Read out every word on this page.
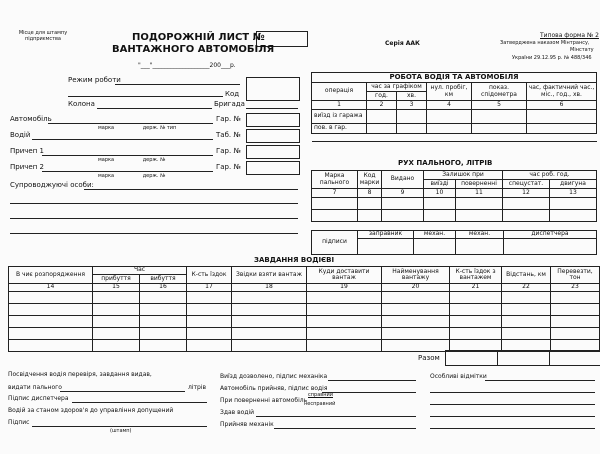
Місце для штампу підприємства	ПОДОРОЖНІЙ ЛИСТ №
ВАНТАЖНОГО АВТОМОБІЛЯ
Серія ААК
Типова форма № 2
Затверджена наказом Мінтрансу,
Мінстату
України 29.12.95 р. № 488/346
"___"___________________200___р.
Режим роботи
Код
Колона	Бригада
Автомобіль	Гар. №
марка                  держ. № тип
Водій	Таб. №
Причеп 1	Гар. №
марка                  держ. №
Причеп 2	Гар. №
марка                  держ. №
Супроводжуючі особи:
РОБОТА ВОДІЯ ТА АВТОМОБІЛЯ					
операція	час за графіком		нул. пробіг, км	показ. спідометра	час, фактичний час., міс., год., хв.
	год.	хв.			
1	2	3	4	5	6
виїзд із гаража					
пов. в гар.					

РУХ ПАЛЬНОГО, ЛІТРІВ
Марка пального	Код марки	Видано	Залишок при		час роб. год.	
			виїзді	поверненні	спецустат.	двигуна
7	8	9	10	11	12	13

підписи	заправник	механ.	механ.	диспетчера

ЗАВДАННЯ ВОДІЄВІ
В чиє розпорядження	Час		К-сть їздок	Звідки взяти вантаж	Куди доставити вантаж	Найменування вантажу	К-сть їздок з вантажем	Відстань, км	Перевезти, тон
	прибуття	вибуття							
14	15	16	17	18	19	20	21	22	23

Разом
Посвідчення водія перевіря, завдання видав,
видати пального	літрів
Підпис диспетчера
Водій за станом здоров'я до управління допущений
Підпис
(штамп)
Виїзд дозволено, підпис механіка
Автомобіль прийняв, підпис водія
При поверненні автомобіль
справний
несправний
Здав водій
Прийняв механік
Особливі відмітки
